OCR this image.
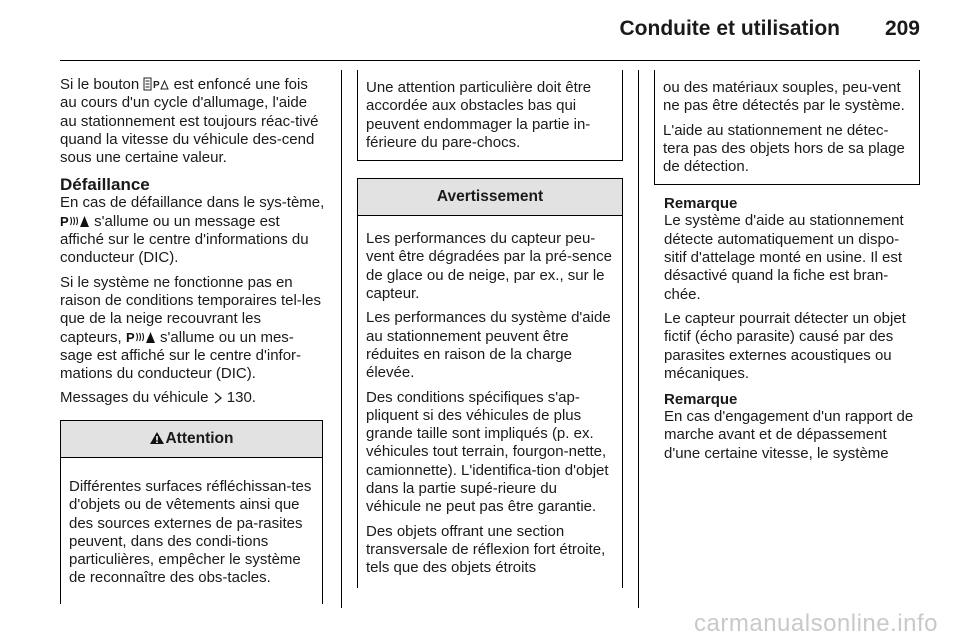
Conduite et utilisation 209

Si le bouton P est enfoncé une fois au cours d'un cycle d'allumage, l'aide au stationnement est toujours réac-tivé quand la vitesse du véhicule des-cend sous une certaine valeur.

Défaillance

En cas de défaillance dans le sys-tème,
P s'allume ou un message est affiché sur le centre d'informations du conducteur (DIC).

Si le système ne fonctionne pas en raison de conditions temporaires tel-les que de la neige recouvrant les capteurs, P s'allume ou un mes-sage est affiché sur le centre d'infor-mations du conducteur (DIC).

Messages du véhicule  130.

Attention

Différentes surfaces réfléchissan-tes d'objets ou de vêtements ainsi que des sources externes de pa-rasites peuvent, dans des condi-tions particulières, empêcher le système de reconnaître des obs-tacles.

Une attention particulière doit être accordée aux obstacles bas qui peuvent endommager la partie in-férieure du pare-chocs.

Avertissement

Les performances du capteur peu-vent être dégradées par la pré-sence de glace ou de neige, par ex., sur le capteur.

Les performances du système d'aide au stationnement peuvent être réduites en raison de la charge élevée.

Des conditions spécifiques s'ap-pliquent si des véhicules de plus grande taille sont impliqués (p. ex. véhicules tout terrain, fourgon-nette, camionnette). L'identifica-tion d'objet dans la partie supé-rieure du véhicule ne peut pas être garantie.

Des objets offrant une section transversale de réflexion fort étroite, tels que des objets étroits

ou des matériaux souples, peu-vent ne pas être détectés par le système.

L'aide au stationnement ne détec-tera pas des objets hors de sa plage de détection.

Remarque

Le système d'aide au stationnement détecte automatiquement un dispo-sitif d'attelage monté en usine. Il est désactivé quand la fiche est bran-chée.

Le capteur pourrait détecter un objet fictif (écho parasite) causé par des parasites externes acoustiques ou mécaniques.

Remarque

En cas d'engagement d'un rapport de marche avant et de dépassement d'une certaine vitesse, le système

carmanualsonline.info
